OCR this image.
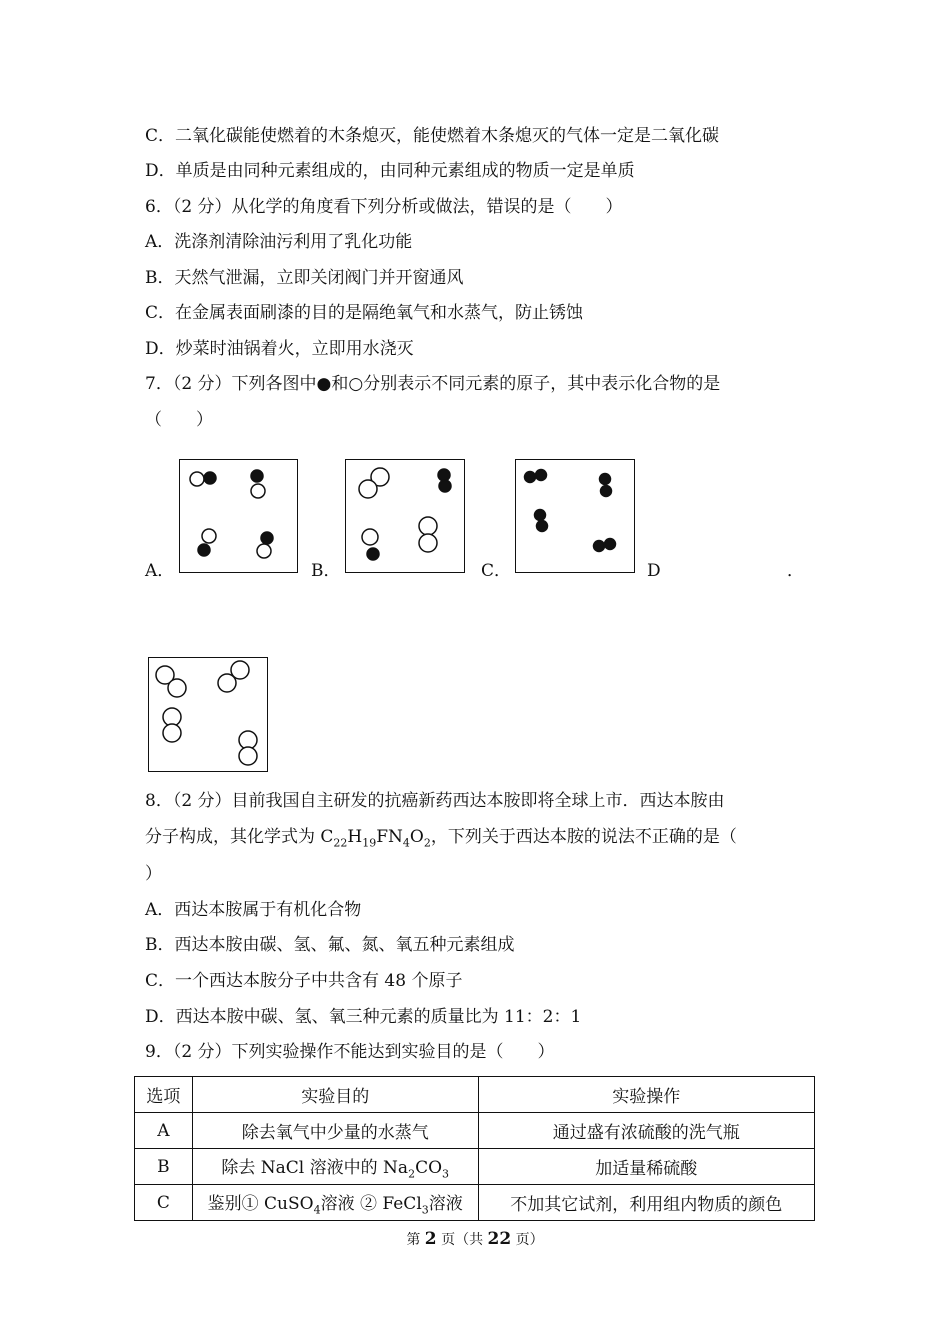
C．二氧化碳能使燃着的木条熄灭，能使燃着木条熄灭的气体一定是二氧化碳
D．单质是由同种元素组成的，由同种元素组成的物质一定是单质
6．（2 分）从化学的角度看下列分析或做法，错误的是（　　）
A．洗涤剂清除油污利用了乳化功能
B．天然气泄漏，立即关闭阀门并开窗通风
C．在金属表面刷漆的目的是隔绝氧气和水蒸气，防止锈蚀
D．炒菜时油锅着火，立即用水浇灭
7．（2 分）下列各图中●和○分别表示不同元素的原子，其中表示化合物的是
（　　）
A．	B．	C．	D	．
8．（2 分）目前我国自主研发的抗癌新药西达本胺即将全球上市．西达本胺由
分子构成，其化学式为 $C_{22}H_{19}FN_4O_2$，下列关于西达本胺的说法不正确的是（
）
A．西达本胺属于有机化合物
B．西达本胺由碳、氢、氟、氮、氧五种元素组成
C．一个西达本胺分子中共含有 48 个原子
D．西达本胺中碳、氢、氧三种元素的质量比为 11：2：1
9．（2 分）下列实验操作不能达到实验目的是（　　）
选项	实验目的	实验操作
A	除去氧气中少量的水蒸气	通过盛有浓硫酸的洗气瓶
B	除去 NaCl 溶液中的 $Na_2CO_3$	加适量稀硫酸
C	鉴别① CuSO$_4$溶液 ② FeCl$_3$溶液	不加其它试剂，利用组内物质的颜色
第 2 页（共 22 页）
